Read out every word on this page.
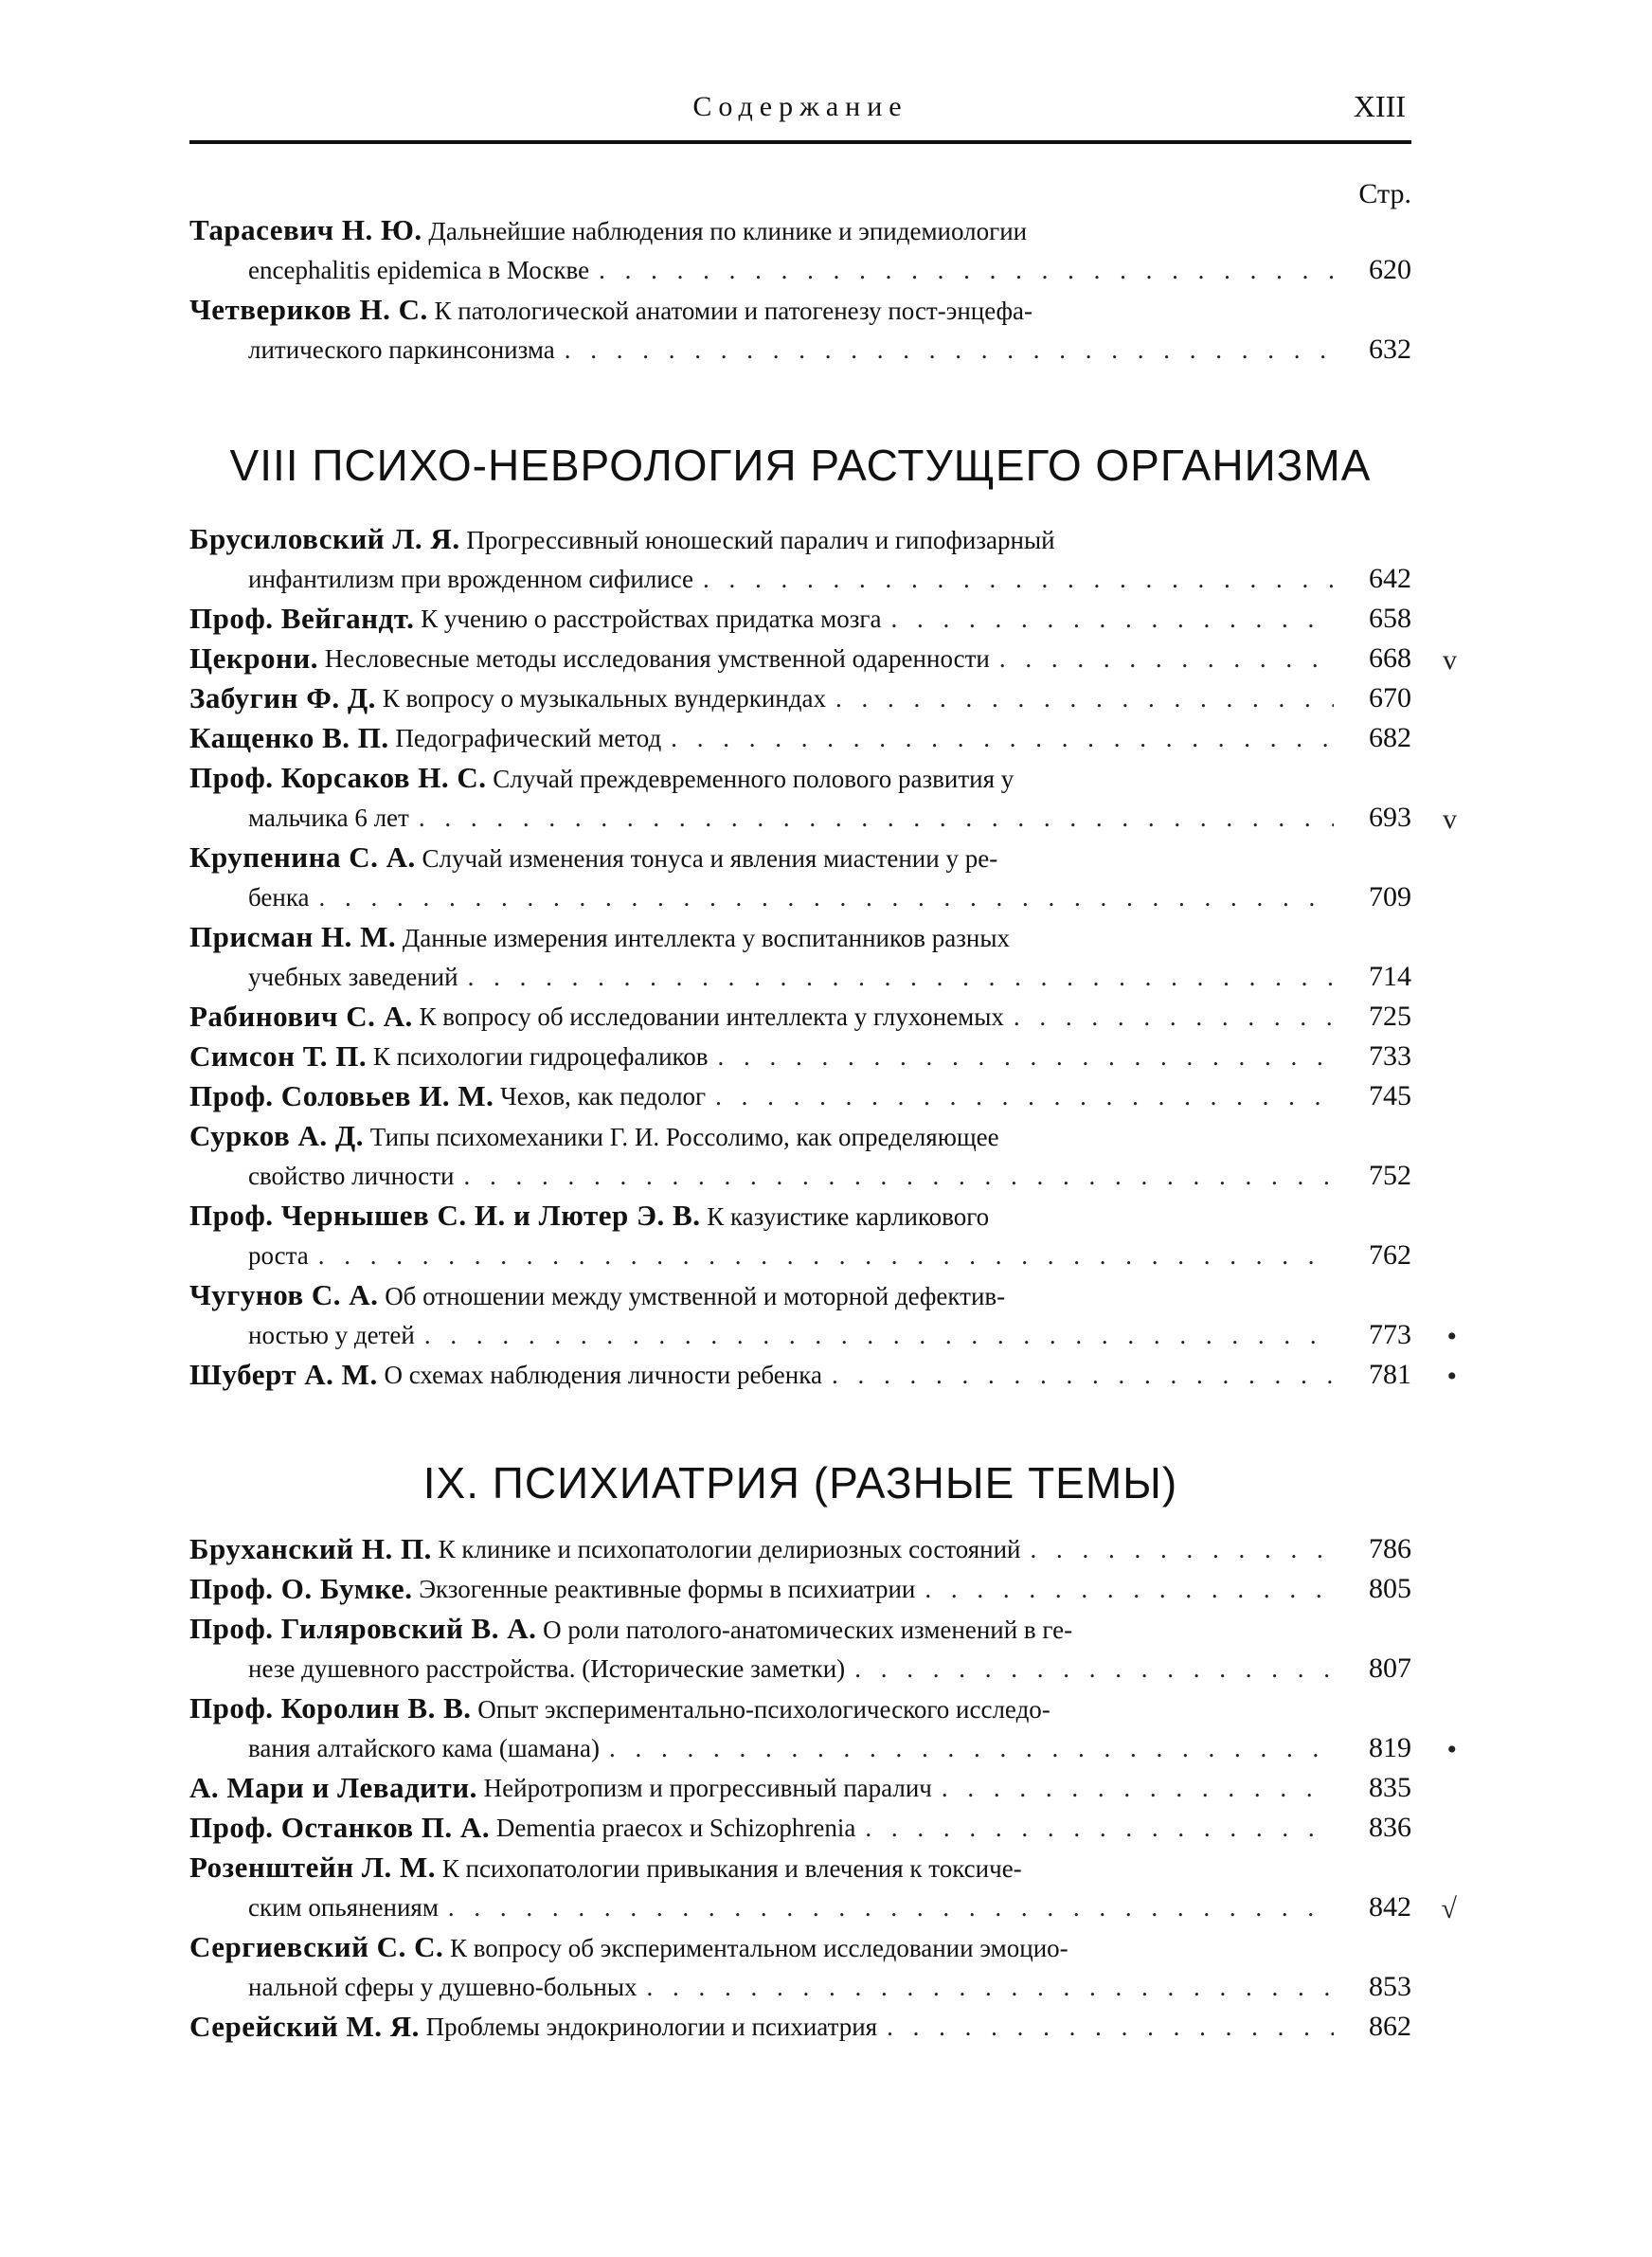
Содержание	XIII
Стр.
Тарасевич Н. Ю. Дальнейшие наблюдения по клинике и эпидемиологии
encephalitis epidemica в Москве . . .	620
Четвериков Н. С. К патологической анатомии и патогенезу пост-энцефа-
литического паркинсонизма . . .	632
VIII ПСИХО-НЕВРОЛОГИЯ РАСТУЩЕГО ОРГАНИЗМА
Брусиловский Л. Я. Прогрессивный юношеский паралич и гипофизарный
инфантилизм при врожденном сифилисе . . .	642
Проф. Вейгандт. К учению о расстройствах придатка мозга . . .	658
Цекрони. Несловесные методы исследования умственной одаренности . . .	668 v
Забугин Ф. Д. К вопросу о музыкальных вундеркиндах . . .	670
Кащенко В. П. Педографический метод . . .	682
Проф. Корсаков Н. С. Случай преждевременного полового развития у
мальчика 6 лет . . .	693 v
Крупенина С. А. Случай изменения тонуса и явления миастении у ре-
бенка . . .	709
Присман Н. М. Данные измерения интеллекта у воспитанников разных
учебных заведений . . .	714
Рабинович С. А. К вопросу об исследовании интеллекта у глухонемых . . .	725
Симсон Т. П. К психологии гидроцефаликов . . .	733
Проф. Соловьев И. М. Чехов, как педолог . . .	745
Сурков А. Д. Типы психомеханики Г. И. Россолимо, как определяющее
свойство личности . . .	752
Проф. Чернышев С. И. и Лютер Э. В. К казуистике карликового
роста . . .	762
Чугунов С. А. Об отношении между умственной и моторной дефектив-
ностью у детей . . .	773 •
Шуберт А. М. О схемах наблюдения личности ребенка . . .	781 •
IX. ПСИХИАТРИЯ (РАЗНЫЕ ТЕМЫ)
Бруханский Н. П. К клинике и психопатологии делириозных состояний . . .	786
Проф. О. Бумке. Экзогенные реактивные формы в психиатрии . . .	805
Проф. Гиляровский В. А. О роли патолого-анатомических изменений в ге-
незе душевного расстройства. (Исторические заметки) . . .	807
Проф. Королин В. В. Опыт экспериментально-психологического исследо-
вания алтайского кама (шамана) . . .	819 •
А. Мари и Левадити. Нейротропизм и прогрессивный паралич . . .	835
Проф. Останков П. А. Dementia praecox и Schizophrenia . . .	836
Розенштейн Л. М. К психопатологии привыкания и влечения к токсиче-
ским опьянениям . . .	842 √
Сергиевский С. С. К вопросу об экспериментальном исследовании эмоцио-
нальной сферы у душевно-больных . . .	853
Серейский М. Я. Проблемы эндокринологии и психиатрия . . .	862
